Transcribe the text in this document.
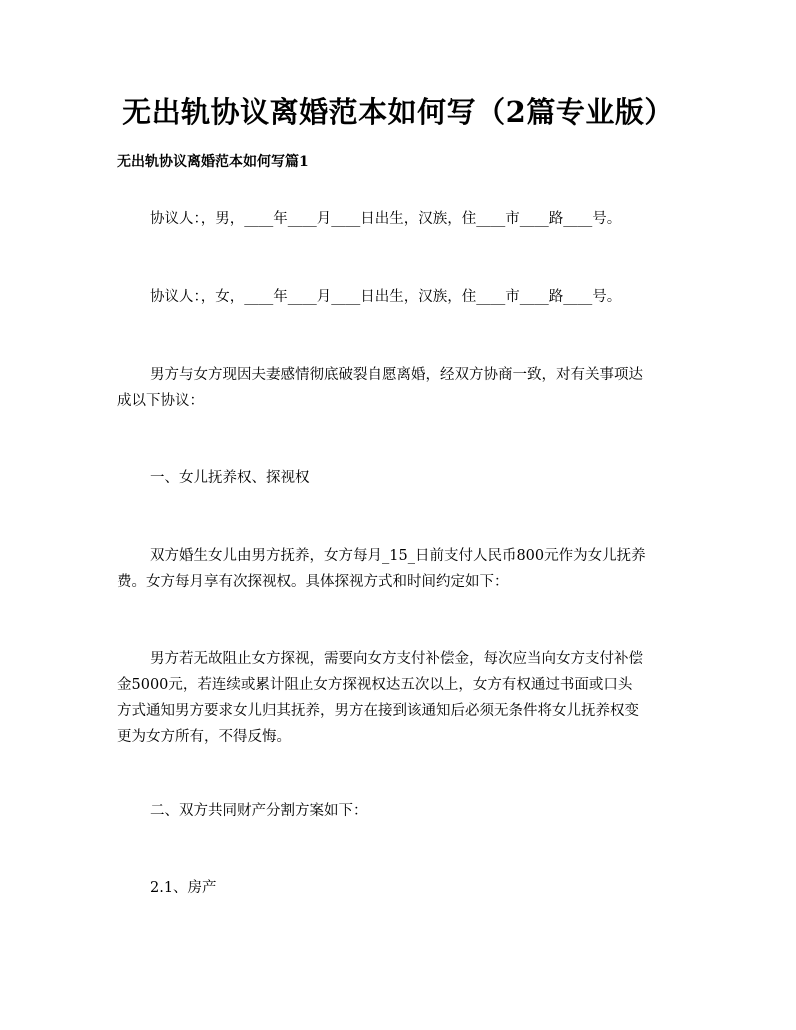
无出轨协议离婚范本如何写（2篇专业版）
无出轨协议离婚范本如何写篇1

协议人：，男，____年____月____日出生，汉族，住____市____路____号。

协议人：，女，____年____月____日出生，汉族，住____市____路____号。

男方与女方现因夫妻感情彻底破裂自愿离婚，经双方协商一致，对有关事项达
成以下协议：

一、女儿抚养权、探视权

双方婚生女儿由男方抚养，女方每月_15_日前支付人民币800元作为女儿抚养
费。女方每月享有次探视权。具体探视方式和时间约定如下：

男方若无故阻止女方探视，需要向女方支付补偿金，每次应当向女方支付补偿
金5000元，若连续或累计阻止女方探视权达五次以上，女方有权通过书面或口头
方式通知男方要求女儿归其抚养，男方在接到该通知后必须无条件将女儿抚养权变
更为女方所有，不得反悔。

二、双方共同财产分割方案如下：

2.1、房产
